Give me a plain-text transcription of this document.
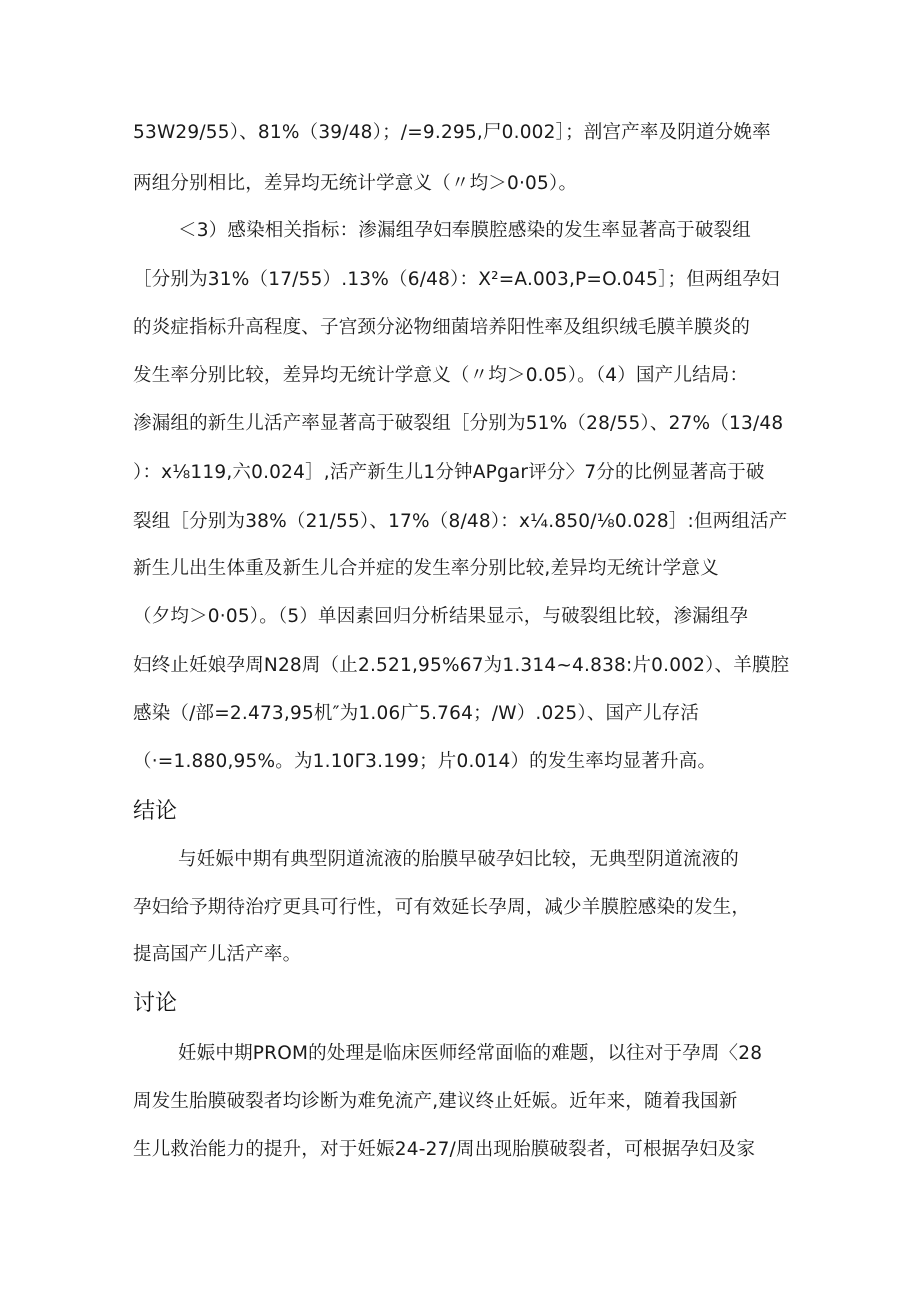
53W29/55）、81%（39/48）；/=9.295,尸0.002］；剖宫产率及阴道分娩率
两组分别相比，差异均无统计学意义（〃均＞0·05）。
＜3）感染相关指标：渗漏组孕妇奉膜腔感染的发生率显著高于破裂组
［分别为31%（17/55）.13%（6/48）：X²=A.003,P=O.045］；但两组孕妇
的炎症指标升高程度、子宫颈分泌物细菌培养阳性率及组织绒毛膜羊膜炎的
发生率分别比较，差异均无统计学意义（〃均＞0.05）。（4）国产儿结局：
渗漏组的新生儿活产率显著高于破裂组［分别为51%（28/55）、27%（13/48
）：x⅛119,六0.024］,活产新生儿1分钟APgar评分〉7分的比例显著高于破
裂组［分别为38%（21/55）、17%（8/48）：x¼.850/⅛0.028］:但两组活产
新生儿出生体重及新生儿合并症的发生率分别比较,差异均无统计学意义
（夕均＞0·05）。（5）单因素回归分析结果显示，与破裂组比较，渗漏组孕
妇终止妊娘孕周N28周（止2.521,95%67为1.314~4.838:片0.002）、羊膜腔
感染（/部=2.473,95机″为1.06广5.764；/W）.025）、国产儿存活
（·=1.880,95%。为1.10Γ3.199；片0.014）的发生率均显著升高。
结论
与妊娠中期有典型阴道流液的胎膜早破孕妇比较，无典型阴道流液的
孕妇给予期待治疗更具可行性，可有效延长孕周，减少羊膜腔感染的发生，
提高国产儿活产率。
讨论
妊娠中期PROM的处理是临床医师经常面临的难题，以往对于孕周〈28
周发生胎膜破裂者均诊断为难免流产,建议终止妊娠。近年来，随着我国新
生儿救治能力的提升，对于妊娠24-27/周出现胎膜破裂者，可根据孕妇及家
